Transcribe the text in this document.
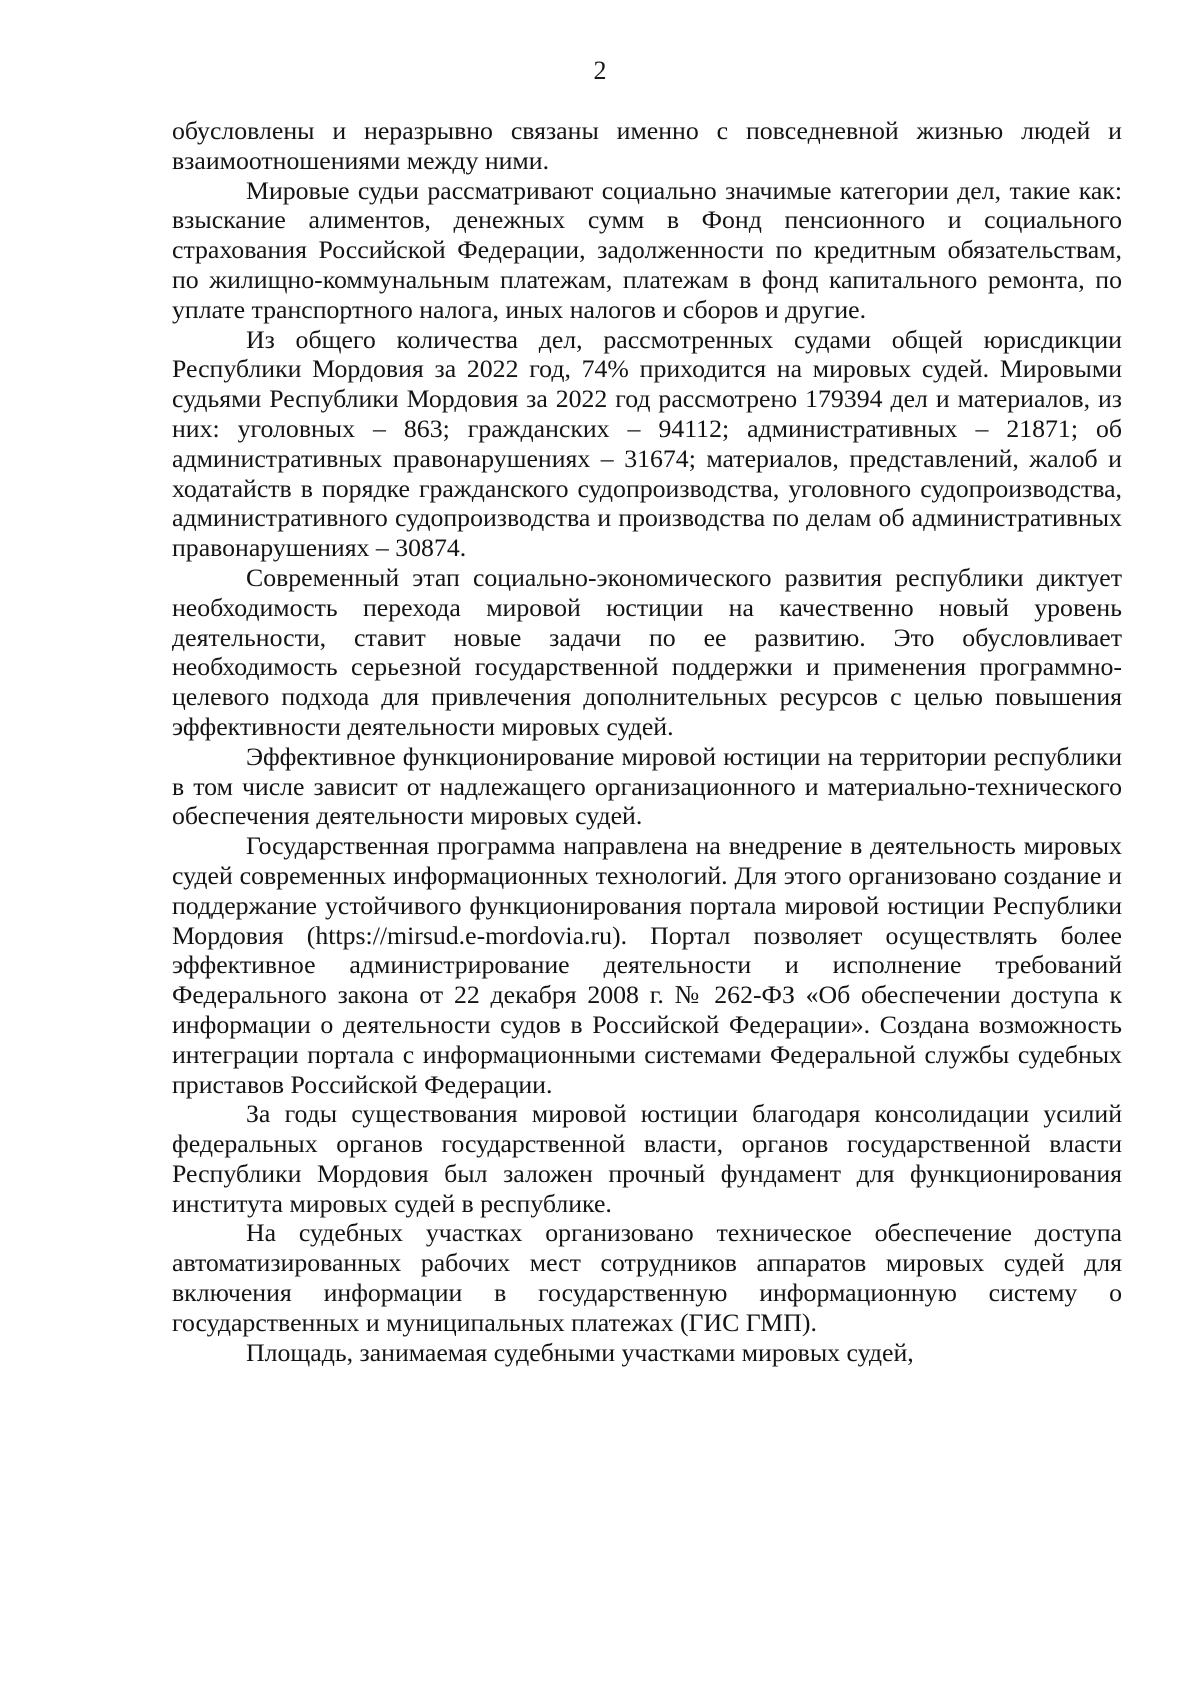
2

обусловлены и неразрывно связаны именно с повседневной жизнью людей и взаимоотношениями между ними.

Мировые судьи рассматривают социально значимые категории дел, такие как: взыскание алиментов, денежных сумм в Фонд пенсионного и социального страхования Российской Федерации, задолженности по кредитным обязательствам, по жилищно-коммунальным платежам, платежам в фонд капитального ремонта, по уплате транспортного налога, иных налогов и сборов и другие.

Из общего количества дел, рассмотренных судами общей юрисдикции Республики Мордовия за 2022 год, 74% приходится на мировых судей. Мировыми судьями Республики Мордовия за 2022 год рассмотрено 179394 дел и материалов, из них: уголовных – 863; гражданских – 94112; административных – 21871; об административных правонарушениях – 31674; материалов, представлений, жалоб и ходатайств в порядке гражданского судопроизводства, уголовного судопроизводства, административного судопроизводства и производства по делам об административных правонарушениях – 30874.

Современный этап социально-экономического развития республики диктует необходимость перехода мировой юстиции на качественно новый уровень деятельности, ставит новые задачи по ее развитию. Это обусловливает необходимость серьезной государственной поддержки и применения программно-целевого подхода для привлечения дополнительных ресурсов с целью повышения эффективности деятельности мировых судей.

Эффективное функционирование мировой юстиции на территории республики в том числе зависит от надлежащего организационного и материально-технического обеспечения деятельности мировых судей.

Государственная программа направлена на внедрение в деятельность мировых судей современных информационных технологий. Для этого организовано создание и поддержание устойчивого функционирования портала мировой юстиции Республики Мордовия (https://mirsud.e-mordovia.ru). Портал позволяет осуществлять более эффективное администрирование деятельности и исполнение требований Федерального закона от 22 декабря 2008 г. № 262-ФЗ «Об обеспечении доступа к информации о деятельности судов в Российской Федерации». Создана возможность интеграции портала с информационными системами Федеральной службы судебных приставов Российской Федерации.

За годы существования мировой юстиции благодаря консолидации усилий федеральных органов государственной власти, органов государственной власти Республики Мордовия был заложен прочный фундамент для функционирования института мировых судей в республике.

На судебных участках организовано техническое обеспечение доступа автоматизированных рабочих мест сотрудников аппаратов мировых судей для включения информации в государственную информационную систему о государственных и муниципальных платежах (ГИС ГМП).

Площадь, занимаемая судебными участками мировых судей,
